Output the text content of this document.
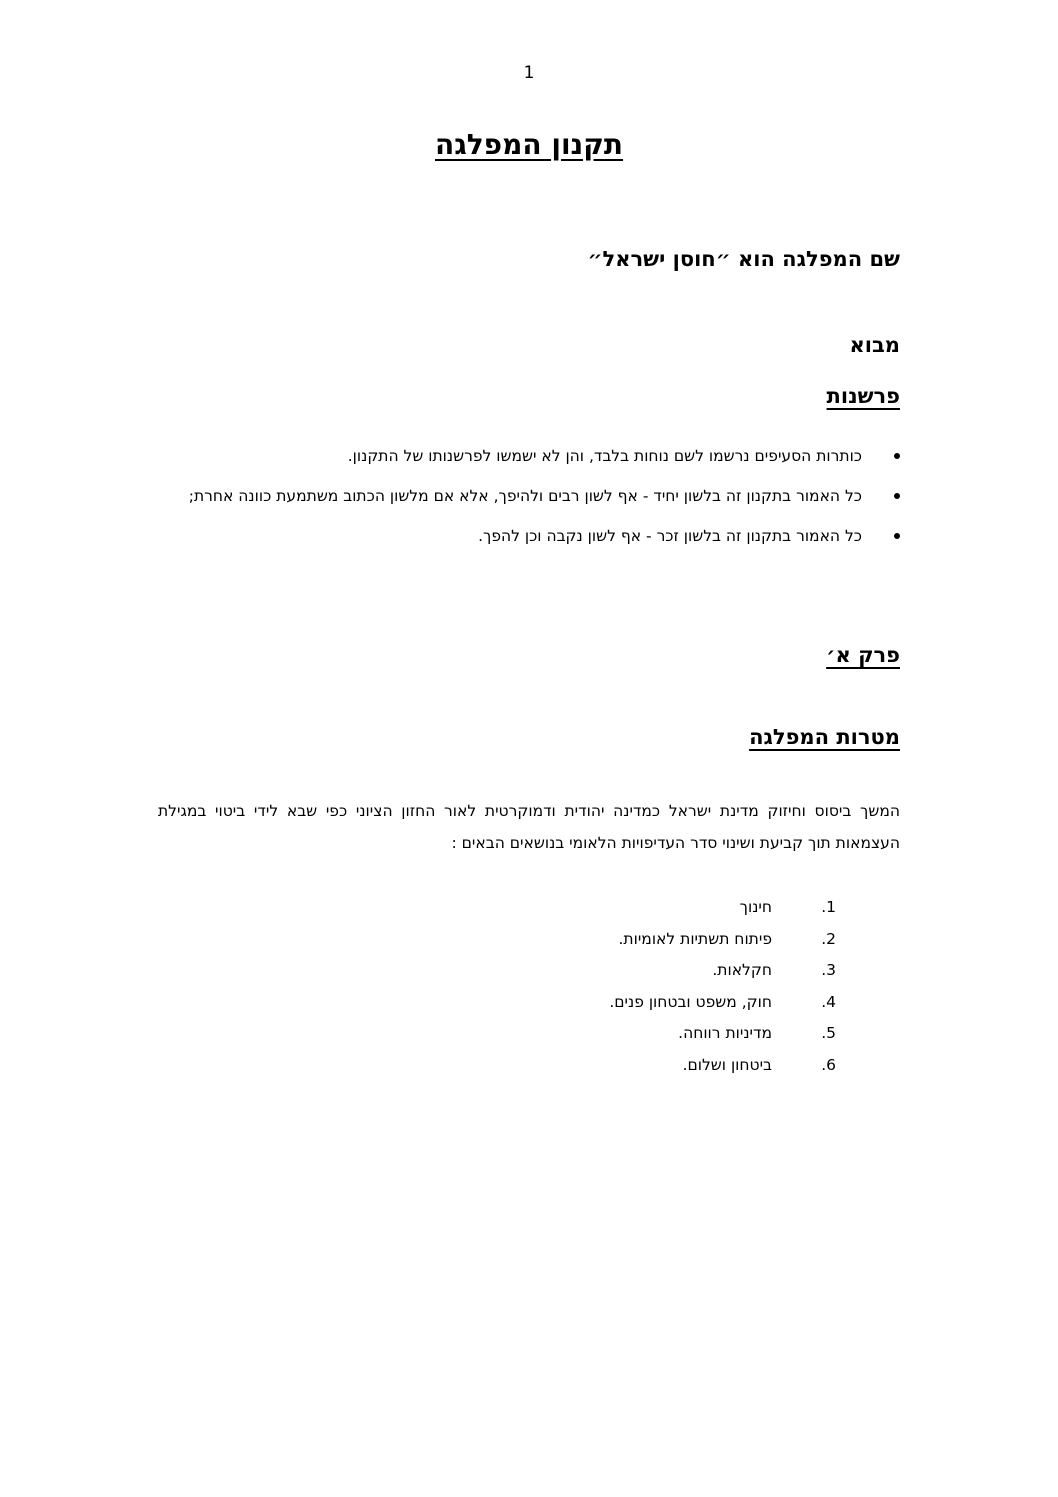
1
תקנון המפלגה
שם המפלגה הוא ״חוסן ישראל״
מבוא
פרשנות
כותרות הסעיפים נרשמו לשם נוחות בלבד, והן לא ישמשו לפרשנותו של התקנון.
כל האמור בתקנון זה בלשון יחיד - אף לשון רבים ולהיפך, אלא אם מלשון הכתוב משתמעת כוונה אחרת;
כל האמור בתקנון זה בלשון זכר - אף לשון נקבה וכן להפך.
פרק א׳
מטרות המפלגה
המשך ביסוס וחיזוק מדינת ישראל כמדינה יהודית ודמוקרטית לאור החזון הציוני כפי שבא לידי ביטוי במגילת העצמאות תוך קביעת ושינוי סדר העדיפויות הלאומי בנושאים הבאים :
1.חינוך
2.פיתוח תשתיות לאומיות.
3.חקלאות.
4.חוק, משפט ובטחון פנים.
5.מדיניות רווחה.
6.ביטחון ושלום.
